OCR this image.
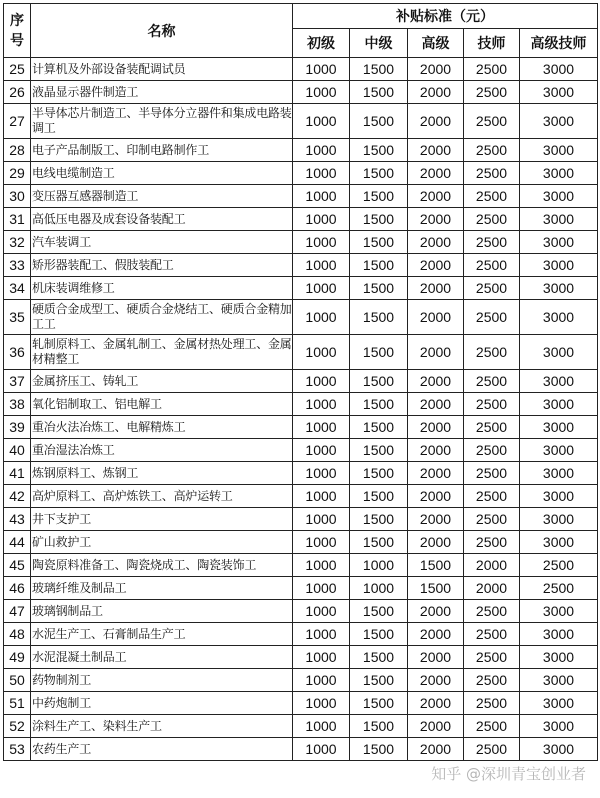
序
号	名称	补贴标准（元）				
		初级	中级	高级	技师	高级技师
25	计算机及外部设备装配调试员	1000	1500	2000	2500	3000
26	液晶显示器件制造工	1000	1500	2000	2500	3000
27	半导体芯片制造工、半导体分立器件和集成电路装调工	1000	1500	2000	2500	3000
28	电子产品制版工、印制电路制作工	1000	1500	2000	2500	3000
29	电线电缆制造工	1000	1500	2000	2500	3000
30	变压器互感器制造工	1000	1500	2000	2500	3000
31	高低压电器及成套设备装配工	1000	1500	2000	2500	3000
32	汽车装调工	1000	1500	2000	2500	3000
33	矫形器装配工、假肢装配工	1000	1500	2000	2500	3000
34	机床装调维修工	1000	1500	2000	2500	3000
35	硬质合金成型工、硬质合金烧结工、硬质合金精加工工	1000	1500	2000	2500	3000
36	轧制原料工、金属轧制工、金属材热处理工、金属材精整工	1000	1500	2000	2500	3000
37	金属挤压工、铸轧工	1000	1500	2000	2500	3000
38	氧化铝制取工、铝电解工	1000	1500	2000	2500	3000
39	重冶火法冶炼工、电解精炼工	1000	1500	2000	2500	3000
40	重冶湿法冶炼工	1000	1500	2000	2500	3000
41	炼钢原料工、炼钢工	1000	1500	2000	2500	3000
42	高炉原料工、高炉炼铁工、高炉运转工	1000	1500	2000	2500	3000
43	井下支护工	1000	1500	2000	2500	3000
44	矿山救护工	1000	1500	2000	2500	3000
45	陶瓷原料准备工、陶瓷烧成工、陶瓷装饰工	1000	1000	1500	2000	2500
46	玻璃纤维及制品工	1000	1000	1500	2000	2500
47	玻璃钢制品工	1000	1500	2000	2500	3000
48	水泥生产工、石膏制品生产工	1000	1500	2000	2500	3000
49	水泥混凝土制品工	1000	1500	2000	2500	3000
50	药物制剂工	1000	1500	2000	2500	3000
51	中药炮制工	1000	1500	2000	2500	3000
52	涂料生产工、染料生产工	1000	1500	2000	2500	3000
53	农药生产工	1000	1500	2000	2500	3000
知乎 @深圳青宝创业者
